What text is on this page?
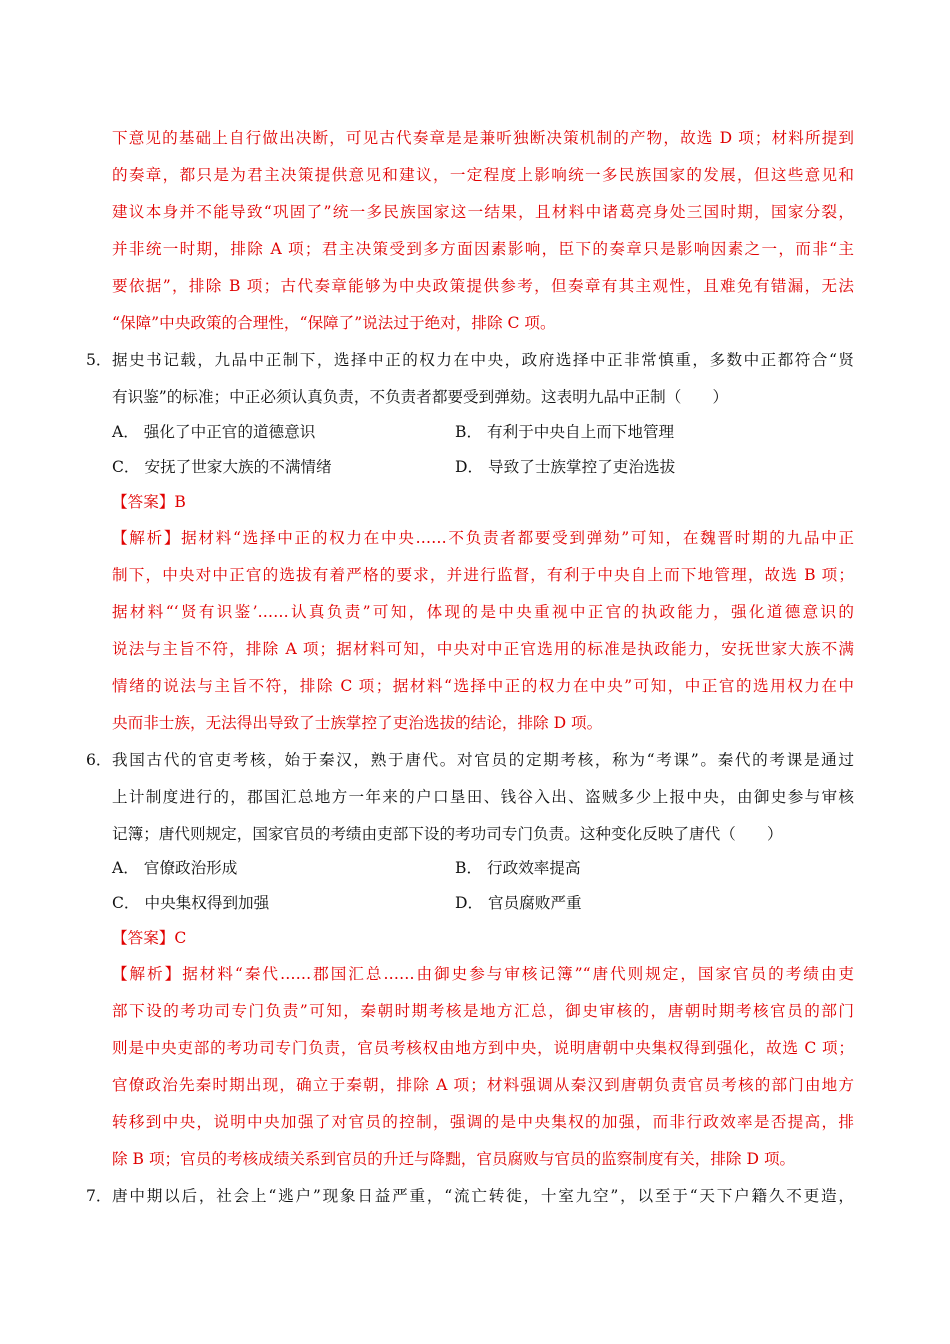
下意见的基础上自行做出决断，可见古代奏章是是兼听独断决策机制的产物，故选 D 项；材料所提到
的奏章，都只是为君主决策提供意见和建议，一定程度上影响统一多民族国家的发展，但这些意见和
建议本身并不能导致“巩固了”统一多民族国家这一结果，且材料中诸葛亮身处三国时期，国家分裂，
并非统一时期，排除 A 项；君主决策受到多方面因素影响，臣下的奏章只是影响因素之一，而非“主
要依据”，排除 B 项；古代奏章能够为中央政策提供参考，但奏章有其主观性，且难免有错漏，无法
“保障”中央政策的合理性，“保障了”说法过于绝对，排除 C 项。
5． 据史书记载，九品中正制下，选择中正的权力在中央，政府选择中正非常慎重，多数中正都符合“贤
有识鉴”的标准；中正必须认真负责，不负责者都要受到弹劾。这表明九品中正制（　　）
A． 强化了中正官的道德意识	B． 有利于中央自上而下地管理
C． 安抚了世家大族的不满情绪	D． 导致了士族掌控了吏治选拔
【答案】B
【解析】据材料“选择中正的权力在中央……不负责者都要受到弹劾”可知，在魏晋时期的九品中正
制下，中央对中正官的选拔有着严格的要求，并进行监督，有利于中央自上而下地管理，故选 B 项；
据材料“‘贤有识鉴’……认真负责”可知，体现的是中央重视中正官的执政能力，强化道德意识的
说法与主旨不符，排除 A 项；据材料可知，中央对中正官选用的标准是执政能力，安抚世家大族不满
情绪的说法与主旨不符，排除 C 项；据材料“选择中正的权力在中央”可知，中正官的选用权力在中
央而非士族，无法得出导致了士族掌控了吏治选拔的结论，排除 D 项。
6． 我国古代的官吏考核，始于秦汉，熟于唐代。对官员的定期考核，称为“考课”。秦代的考课是通过
上计制度进行的，郡国汇总地方一年来的户口垦田、钱谷入出、盗贼多少上报中央，由御史参与审核
记簿；唐代则规定，国家官员的考绩由吏部下设的考功司专门负责。这种变化反映了唐代（　　）
A． 官僚政治形成	B． 行政效率提高
C． 中央集权得到加强	D． 官员腐败严重
【答案】C
【解析】据材料“秦代……郡国汇总……由御史参与审核记簿”“唐代则规定，国家官员的考绩由吏
部下设的考功司专门负责”可知，秦朝时期考核是地方汇总，御史审核的，唐朝时期考核官员的部门
则是中央吏部的考功司专门负责，官员考核权由地方到中央，说明唐朝中央集权得到强化，故选 C 项；
官僚政治先秦时期出现，确立于秦朝，排除 A 项；材料强调从秦汉到唐朝负责官员考核的部门由地方
转移到中央，说明中央加强了对官员的控制，强调的是中央集权的加强，而非行政效率是否提高，排
除 B 项；官员的考核成绩关系到官员的升迁与降黜，官员腐败与官员的监察制度有关，排除 D 项。
7． 唐中期以后，社会上“逃户”现象日益严重，“流亡转徙，十室九空”，以至于“天下户籍久不更造，
